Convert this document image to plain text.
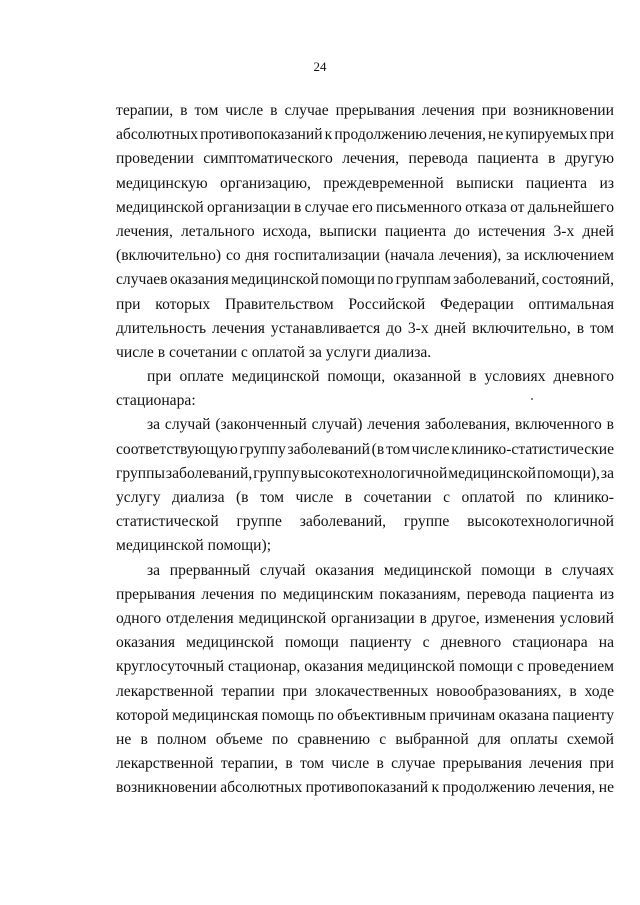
24
терапии, в том числе в случае прерывания лечения при возникновении
абсолютных противопоказаний к продолжению лечения, не купируемых при
проведении симптоматического лечения, перевода пациента в другую
медицинскую организацию, преждевременной выписки пациента из
медицинской организации в случае его письменного отказа от дальнейшего
лечения, летального исхода, выписки пациента до истечения 3-х дней
(включительно) со дня госпитализации (начала лечения), за исключением
случаев оказания медицинской помощи по группам заболеваний, состояний,
при которых Правительством Российской Федерации оптимальная
длительность лечения устанавливается до 3-х дней включительно, в том
числе в сочетании с оплатой за услуги диализа.
при оплате медицинской помощи, оказанной в условиях дневного
стационара:
за случай (законченный случай) лечения заболевания, включенного в
соответствующую группу заболеваний (в том числе клинико-статистические
группы заболеваний, группу высокотехнологичной медицинской помощи), за
услугу диализа (в том числе в сочетании с оплатой по клинико-
статистической группе заболеваний, группе высокотехнологичной
медицинской помощи);
за прерванный случай оказания медицинской помощи в случаях
прерывания лечения по медицинским показаниям, перевода пациента из
одного отделения медицинской организации в другое, изменения условий
оказания медицинской помощи пациенту с дневного стационара на
круглосуточный стационар, оказания медицинской помощи с проведением
лекарственной терапии при злокачественных новообразованиях, в ходе
которой медицинская помощь по объективным причинам оказана пациенту
не в полном объеме по сравнению с выбранной для оплаты схемой
лекарственной терапии, в том числе в случае прерывания лечения при
возникновении абсолютных противопоказаний к продолжению лечения, не
